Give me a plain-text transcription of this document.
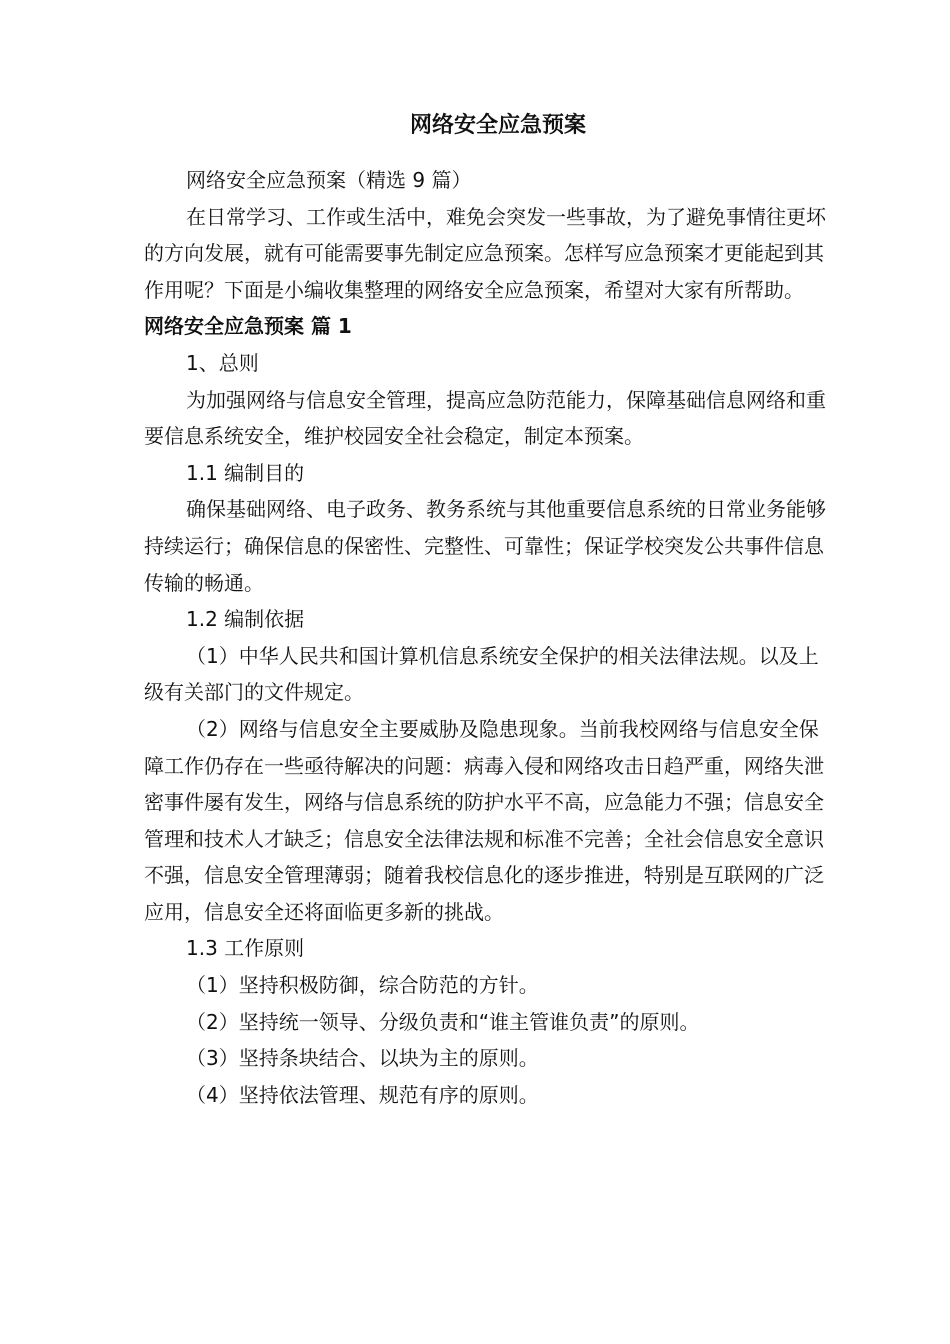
网络安全应急预案

网络安全应急预案（精选 9 篇）

在日常学习、工作或生活中，难免会突发一些事故，为了避免事情往更坏的方向发展，就有可能需要事先制定应急预案。怎样写应急预案才更能起到其作用呢？下面是小编收集整理的网络安全应急预案，希望对大家有所帮助。

网络安全应急预案 篇 1

1、总则

为加强网络与信息安全管理，提高应急防范能力，保障基础信息网络和重要信息系统安全，维护校园安全社会稳定，制定本预案。

1.1 编制目的

确保基础网络、电子政务、教务系统与其他重要信息系统的日常业务能够持续运行；确保信息的保密性、完整性、可靠性；保证学校突发公共事件信息传输的畅通。

1.2 编制依据

（1）中华人民共和国计算机信息系统安全保护的相关法律法规。以及上级有关部门的文件规定。

（2）网络与信息安全主要威胁及隐患现象。当前我校网络与信息安全保障工作仍存在一些亟待解决的问题：病毒入侵和网络攻击日趋严重，网络失泄密事件屡有发生，网络与信息系统的防护水平不高，应急能力不强；信息安全管理和技术人才缺乏；信息安全法律法规和标准不完善；全社会信息安全意识不强，信息安全管理薄弱；随着我校信息化的逐步推进，特别是互联网的广泛应用，信息安全还将面临更多新的挑战。

1.3 工作原则

（1）坚持积极防御，综合防范的方针。

（2）坚持统一领导、分级负责和“谁主管谁负责”的原则。

（3）坚持条块结合、以块为主的原则。

（4）坚持依法管理、规范有序的原则。
